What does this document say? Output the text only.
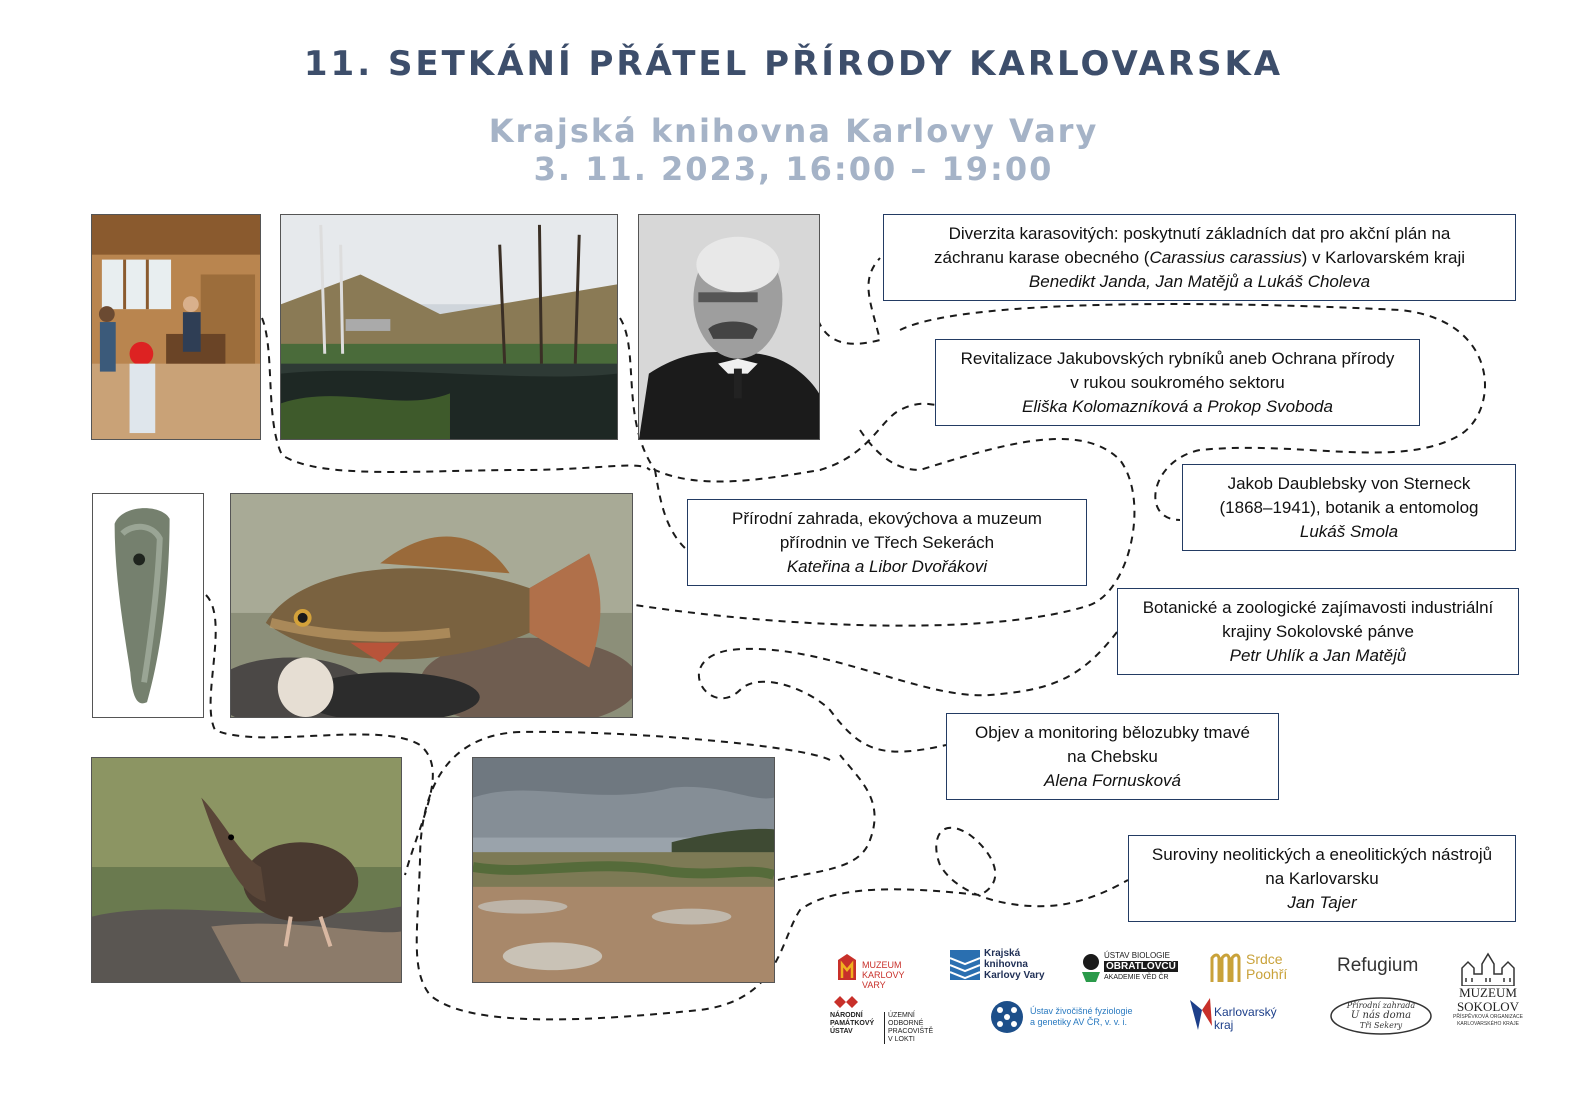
11. SETKÁNÍ PŘÁTEL PŘÍRODY KARLOVARSKA
Krajská knihovna Karlovy Vary
3. 11. 2023, 16:00 – 19:00
Diverzita karasovitých: poskytnutí základních dat pro akční plán na
záchranu karase obecného (Carassius carassius) v Karlovarském kraji
Benedikt Janda, Jan Matějů a Lukáš Choleva
Revitalizace Jakubovských rybníků aneb Ochrana přírody
v rukou soukromého sektoru
Eliška Kolomazníková a Prokop Svoboda
Jakob Daublebsky von Sterneck
(1868–1941), botanik a entomolog
Lukáš Smola
Přírodní zahrada, ekovýchova a muzeum
přírodnin ve Třech Sekerách
Kateřina a Libor Dvořákovi
Botanické a zoologické zajímavosti industriální
krajiny Sokolovské pánve
Petr Uhlík a Jan Matějů
Objev a monitoring bělozubky tmavé
na Chebsku
Alena Fornusková
Suroviny neolitických a eneolitických nástrojů
na Karlovarsku
Jan Tajer
MUZEUM
KARLOVY VARY
Krajská
knihovna
Karlovy Vary
ÚSTAV BIOLOGIE
OBRATLOVCŮ
AKADEMIE VĚD ČR
Srdce
Poohří	Refugium
MUZEUM
SOKOLOV
PŘÍSPĚVKOVÁ ORGANIZACE
KARLOVARSKÉHO KRAJE
NÁRODNÍ
PAMÁTKOVÝ
ÚSTAV
ÚZEMNÍ ODBORNÉ
PRACOVIŠTĚ
V LOKTI
Ústav živočišné fyziologie
a genetiky AV ČR, v. v. i.
Karlovarský
kraj
Přírodní zahrada
U nás doma
Tři Sekery
